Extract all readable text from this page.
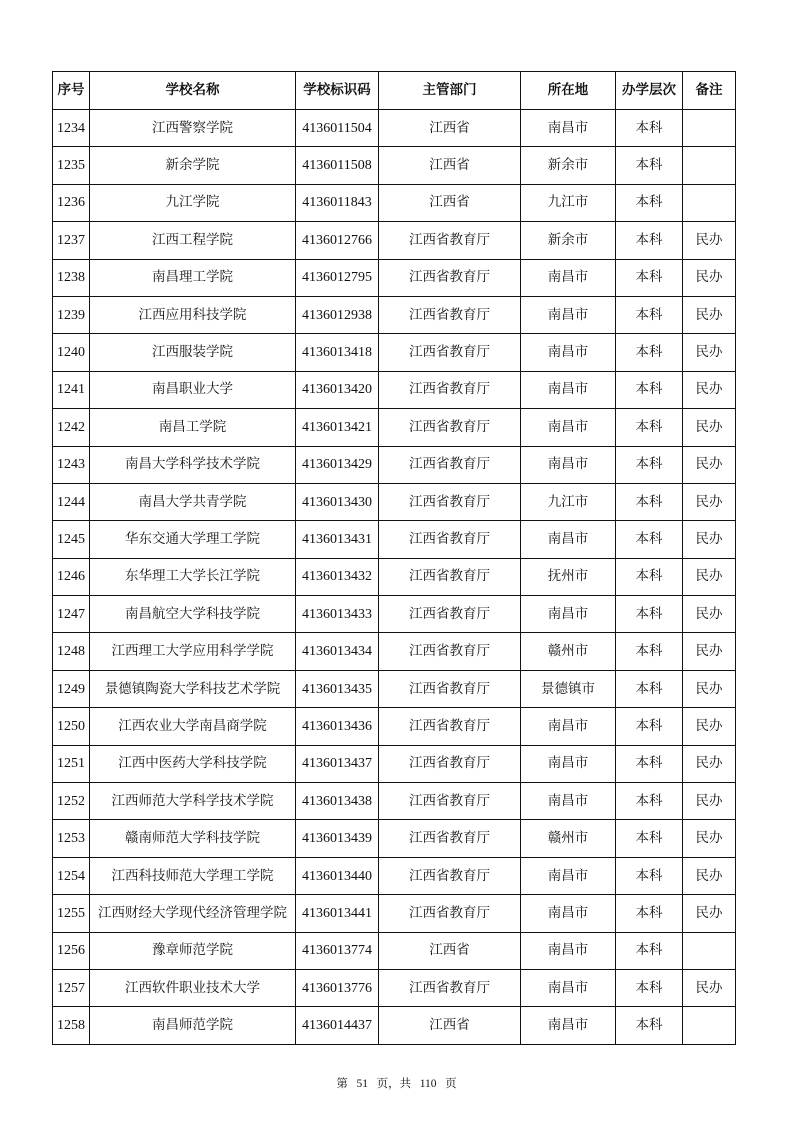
序号	学校名称	学校标识码	主管部门	所在地	办学层次	备注
1234	江西警察学院	4136011504	江西省	南昌市	本科	
1235	新余学院	4136011508	江西省	新余市	本科	
1236	九江学院	4136011843	江西省	九江市	本科	
1237	江西工程学院	4136012766	江西省教育厅	新余市	本科	民办
1238	南昌理工学院	4136012795	江西省教育厅	南昌市	本科	民办
1239	江西应用科技学院	4136012938	江西省教育厅	南昌市	本科	民办
1240	江西服装学院	4136013418	江西省教育厅	南昌市	本科	民办
1241	南昌职业大学	4136013420	江西省教育厅	南昌市	本科	民办
1242	南昌工学院	4136013421	江西省教育厅	南昌市	本科	民办
1243	南昌大学科学技术学院	4136013429	江西省教育厅	南昌市	本科	民办
1244	南昌大学共青学院	4136013430	江西省教育厅	九江市	本科	民办
1245	华东交通大学理工学院	4136013431	江西省教育厅	南昌市	本科	民办
1246	东华理工大学长江学院	4136013432	江西省教育厅	抚州市	本科	民办
1247	南昌航空大学科技学院	4136013433	江西省教育厅	南昌市	本科	民办
1248	江西理工大学应用科学学院	4136013434	江西省教育厅	赣州市	本科	民办
1249	景德镇陶瓷大学科技艺术学院	4136013435	江西省教育厅	景德镇市	本科	民办
1250	江西农业大学南昌商学院	4136013436	江西省教育厅	南昌市	本科	民办
1251	江西中医药大学科技学院	4136013437	江西省教育厅	南昌市	本科	民办
1252	江西师范大学科学技术学院	4136013438	江西省教育厅	南昌市	本科	民办
1253	赣南师范大学科技学院	4136013439	江西省教育厅	赣州市	本科	民办
1254	江西科技师范大学理工学院	4136013440	江西省教育厅	南昌市	本科	民办
1255	江西财经大学现代经济管理学院	4136013441	江西省教育厅	南昌市	本科	民办
1256	豫章师范学院	4136013774	江西省	南昌市	本科	
1257	江西软件职业技术大学	4136013776	江西省教育厅	南昌市	本科	民办
1258	南昌师范学院	4136014437	江西省	南昌市	本科	
第 51 页，共 110 页
